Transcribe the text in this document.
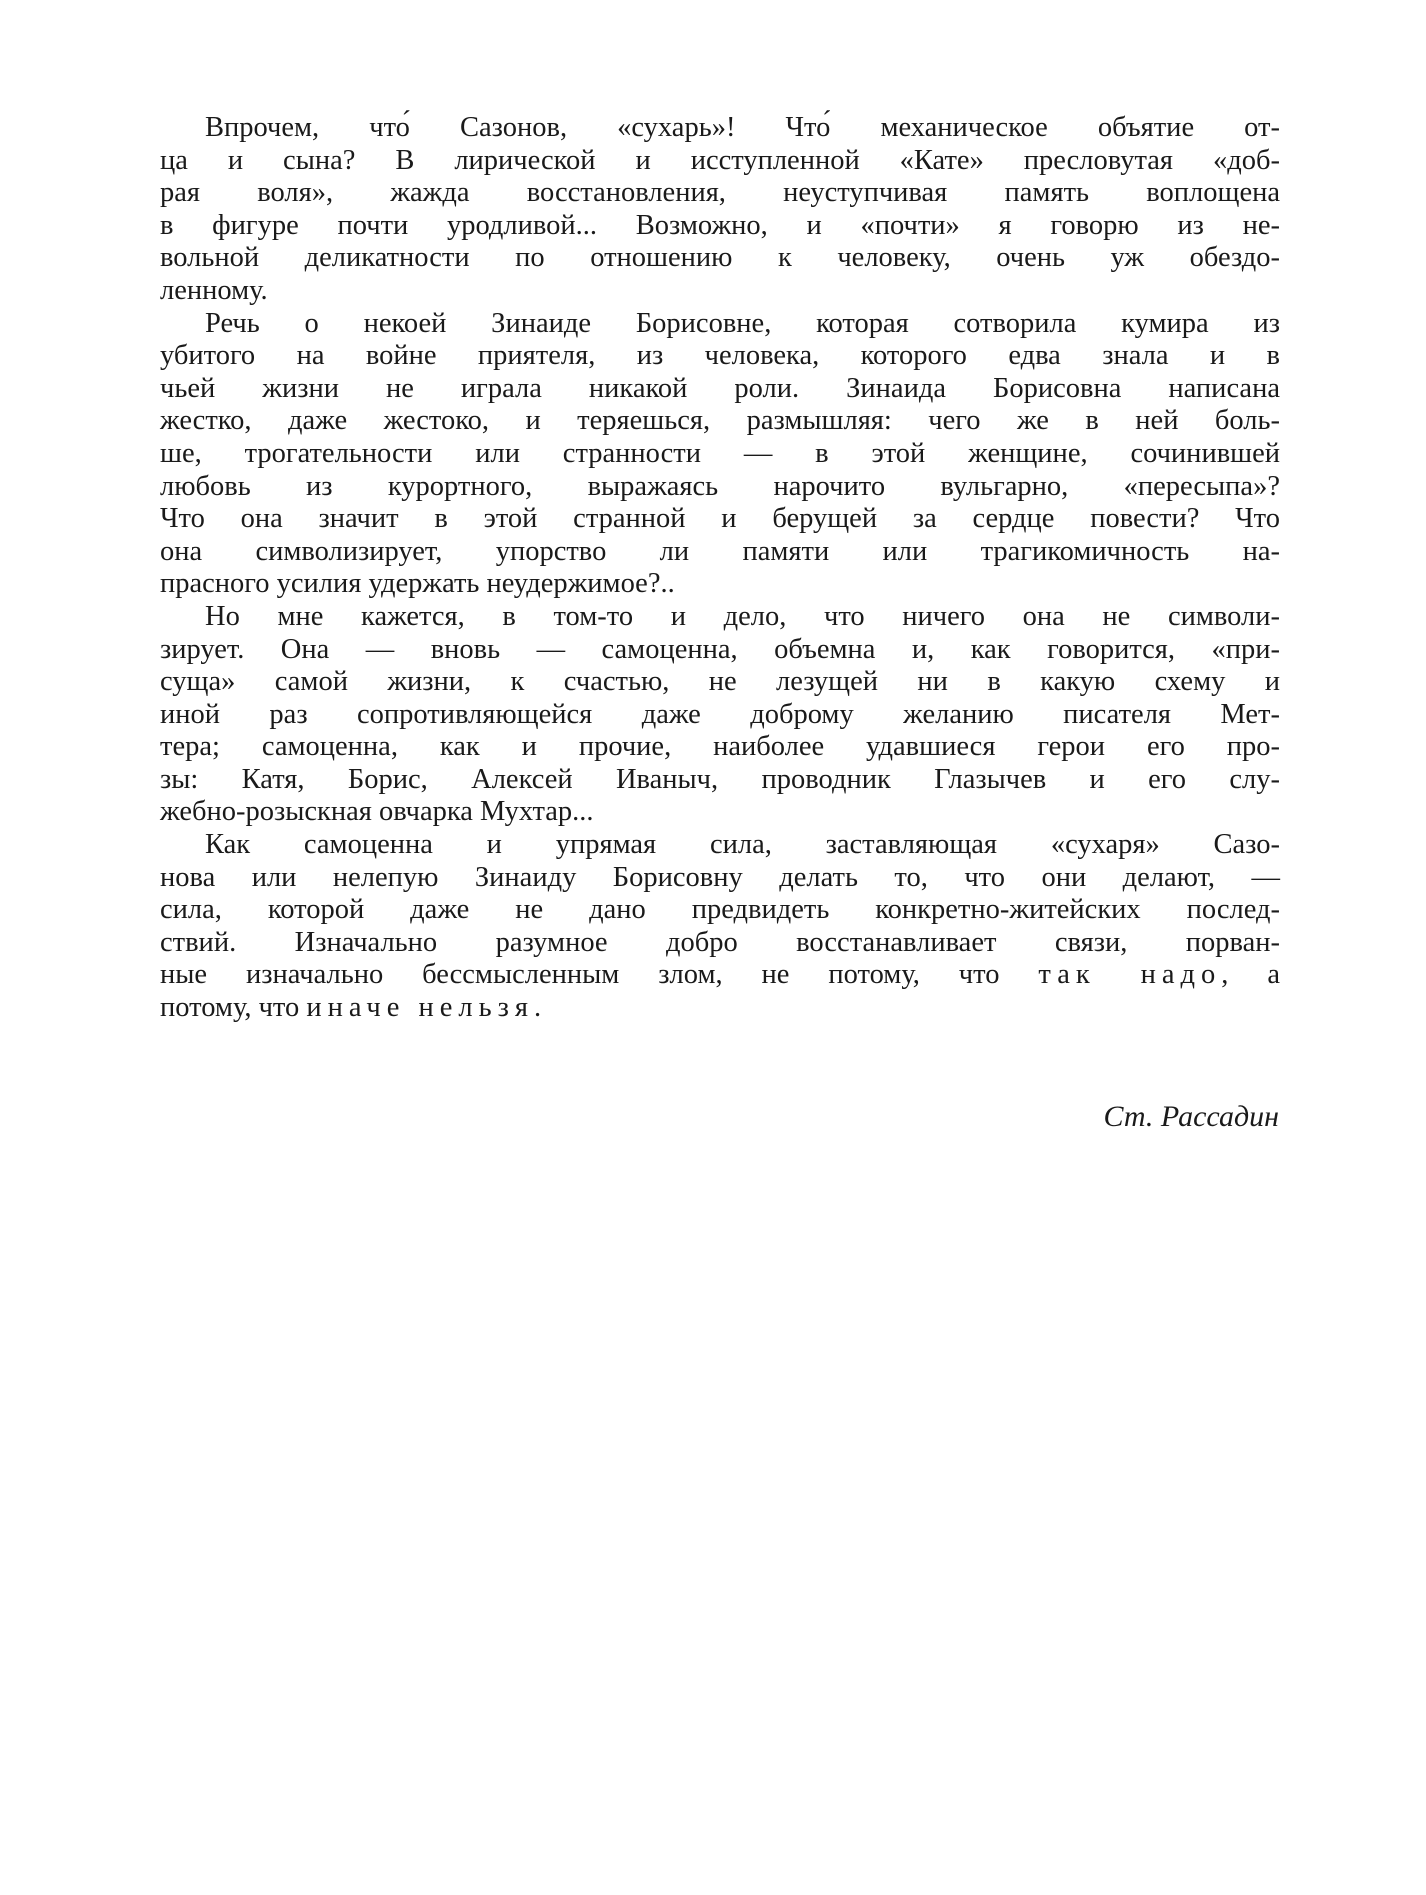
Впрочем, что́ Сазонов, «сухарь»! Что́ механическое объятие от-
ца и сына? В лирической и исступленной «Кате» пресловутая «доб-
рая воля», жажда восстановления, неуступчивая память воплощена
в фигуре почти уродливой... Возможно, и «почти» я говорю из не-
вольной деликатности по отношению к человеку, очень уж обездо-
ленному.
Речь о некоей Зинаиде Борисовне, которая сотворила кумира из
убитого на войне приятеля, из человека, которого едва знала и в
чьей жизни не играла никакой роли. Зинаида Борисовна написана
жестко, даже жестоко, и теряешься, размышляя: чего же в ней боль-
ше, трогательности или странности — в этой женщине, сочинившей
любовь из курортного, выражаясь нарочито вульгарно, «пересыпа»?
Что она значит в этой странной и берущей за сердце повести? Что
она символизирует, упорство ли памяти или трагикомичность на-
прасного усилия удержать неудержимое?..
Но мне кажется, в том-то и дело, что ничего она не символи-
зирует. Она — вновь — самоценна, объемна и, как говорится, «при-
суща» самой жизни, к счастью, не лезущей ни в какую схему и
иной раз сопротивляющейся даже доброму желанию писателя Мет-
тера; самоценна, как и прочие, наиболее удавшиеся герои его про-
зы: Катя, Борис, Алексей Иваныч, проводник Глазычев и его слу-
жебно-розыскная овчарка Мухтар...
Как самоценна и упрямая сила, заставляющая «сухаря» Сазо-
нова или нелепую Зинаиду Борисовну делать то, что они делают, —
сила, которой даже не дано предвидеть конкретно-житейских послед-
ствий. Изначально разумное добро восстанавливает связи, порван-
ные изначально бессмысленным злом, не потому, что так надо, а
потому, что иначе нельзя.
Ст. Рассадин
